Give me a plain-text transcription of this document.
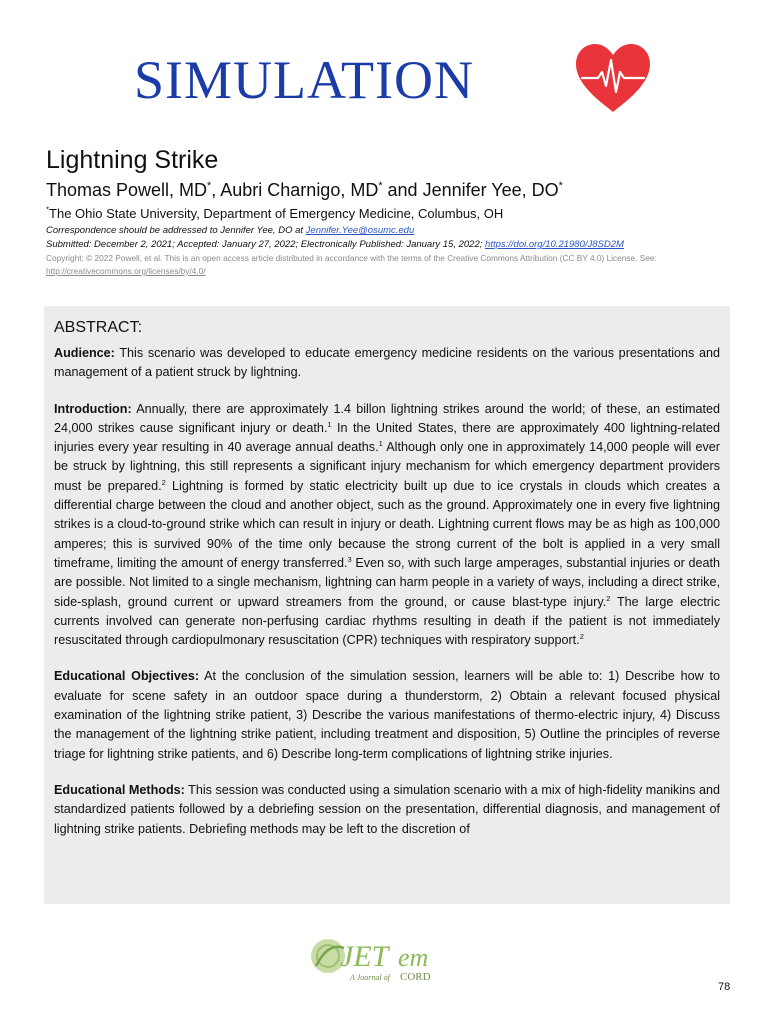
SIMULATION
Lightning Strike
Thomas Powell, MD*, Aubri Charnigo, MD* and Jennifer Yee, DO*
*The Ohio State University, Department of Emergency Medicine, Columbus, OH
Correspondence should be addressed to Jennifer Yee, DO at Jennifer.Yee@osumc.edu
Submitted: December 2, 2021; Accepted: January 27, 2022; Electronically Published: January 15, 2022; https://doi.org/10.21980/J8SD2M
Copyright: © 2022 Powell, et al. This is an open access article distributed in accordance with the terms of the Creative Commons Attribution (CC BY 4.0) License. See: http://creativecommons.org/licenses/by/4.0/
ABSTRACT:

Audience: This scenario was developed to educate emergency medicine residents on the various presentations and management of a patient struck by lightning.

Introduction: Annually, there are approximately 1.4 billon lightning strikes around the world; of these, an estimated 24,000 strikes cause significant injury or death.$^1$ In the United States, there are approximately 400 lightning-related injuries every year resulting in 40 average annual deaths.$^1$ Although only one in approximately 14,000 people will ever be struck by lightning, this still represents a significant injury mechanism for which emergency department providers must be prepared.$^2$ Lightning is formed by static electricity built up due to ice crystals in clouds which creates a differential charge between the cloud and another object, such as the ground. Approximately one in every five lightning strikes is a cloud-to-ground strike which can result in injury or death. Lightning current flows may be as high as 100,000 amperes; this is survived 90% of the time only because the strong current of the bolt is applied in a very small timeframe, limiting the amount of energy transferred.$^3$ Even so, with such large amperages, substantial injuries or death are possible. Not limited to a single mechanism, lightning can harm people in a variety of ways, including a direct strike, side-splash, ground current or upward streamers from the ground, or cause blast-type injury.$^2$ The large electric currents involved can generate non-perfusing cardiac rhythms resulting in death if the patient is not immediately resuscitated through cardiopulmonary resuscitation (CPR) techniques with respiratory support.$^2$

Educational Objectives: At the conclusion of the simulation session, learners will be able to: 1) Describe how to evaluate for scene safety in an outdoor space during a thunderstorm, 2) Obtain a relevant focused physical examination of the lightning strike patient, 3) Describe the various manifestations of thermo-electric injury, 4) Discuss the management of the lightning strike patient, including treatment and disposition, 5) Outline the principles of reverse triage for lightning strike patients, and 6) Describe long-term complications of lightning strike injuries.

Educational Methods: This session was conducted using a simulation scenario with a mix of high-fidelity manikins and standardized patients followed by a debriefing session on the presentation, differential diagnosis, and management of lightning strike patients. Debriefing methods may be left to the discretion of

JET em
A Journal of CORD
78
